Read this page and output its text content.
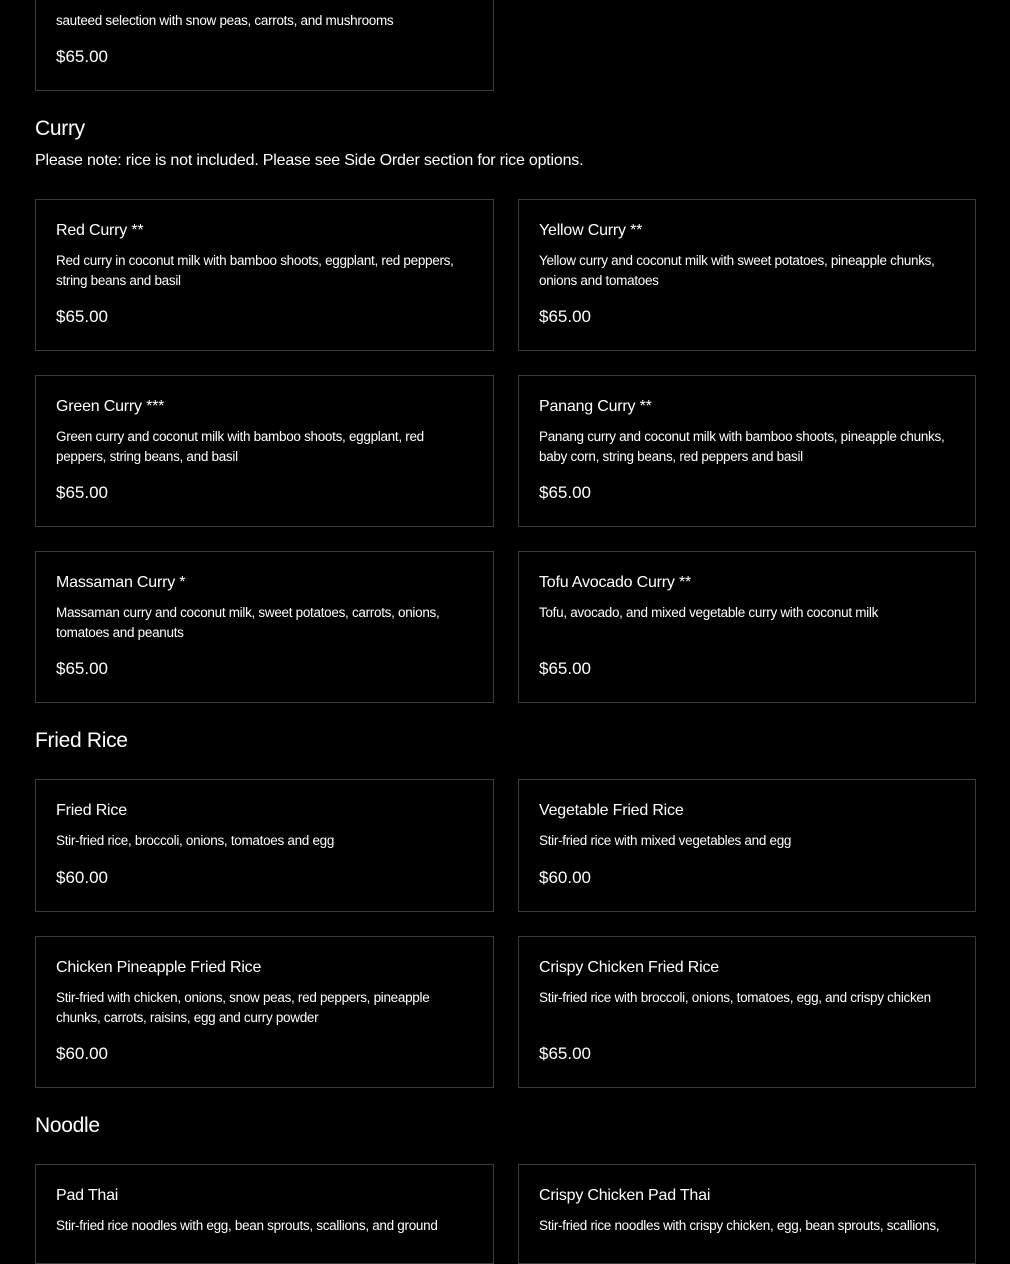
sauteed selection with snow peas, carrots, and mushrooms
$65.00
Curry
Please note: rice is not included. Please see Side Order section for rice options.
Red Curry **
Red curry in coconut milk with bamboo shoots, eggplant, red peppers, string beans and basil
$65.00
Yellow Curry **
Yellow curry and coconut milk with sweet potatoes, pineapple chunks, onions and tomatoes
$65.00
Green Curry ***
Green curry and coconut milk with bamboo shoots, eggplant, red peppers, string beans, and basil
$65.00
Panang Curry **
Panang curry and coconut milk with bamboo shoots, pineapple chunks, baby corn, string beans, red peppers and basil
$65.00
Massaman Curry *
Massaman curry and coconut milk, sweet potatoes, carrots, onions, tomatoes and peanuts
$65.00
Tofu Avocado Curry **
Tofu, avocado, and mixed vegetable curry with coconut milk
$65.00
Fried Rice
Fried Rice
Stir-fried rice, broccoli, onions, tomatoes and egg
$60.00
Vegetable Fried Rice
Stir-fried rice with mixed vegetables and egg
$60.00
Chicken Pineapple Fried Rice
Stir-fried with chicken, onions, snow peas, red peppers, pineapple chunks, carrots, raisins, egg and curry powder
$60.00
Crispy Chicken Fried Rice
Stir-fried rice with broccoli, onions, tomatoes, egg, and crispy chicken
$65.00
Noodle
Pad Thai
Stir-fried rice noodles with egg, bean sprouts, scallions, and ground
Crispy Chicken Pad Thai
Stir-fried rice noodles with crispy chicken, egg, bean sprouts, scallions,
